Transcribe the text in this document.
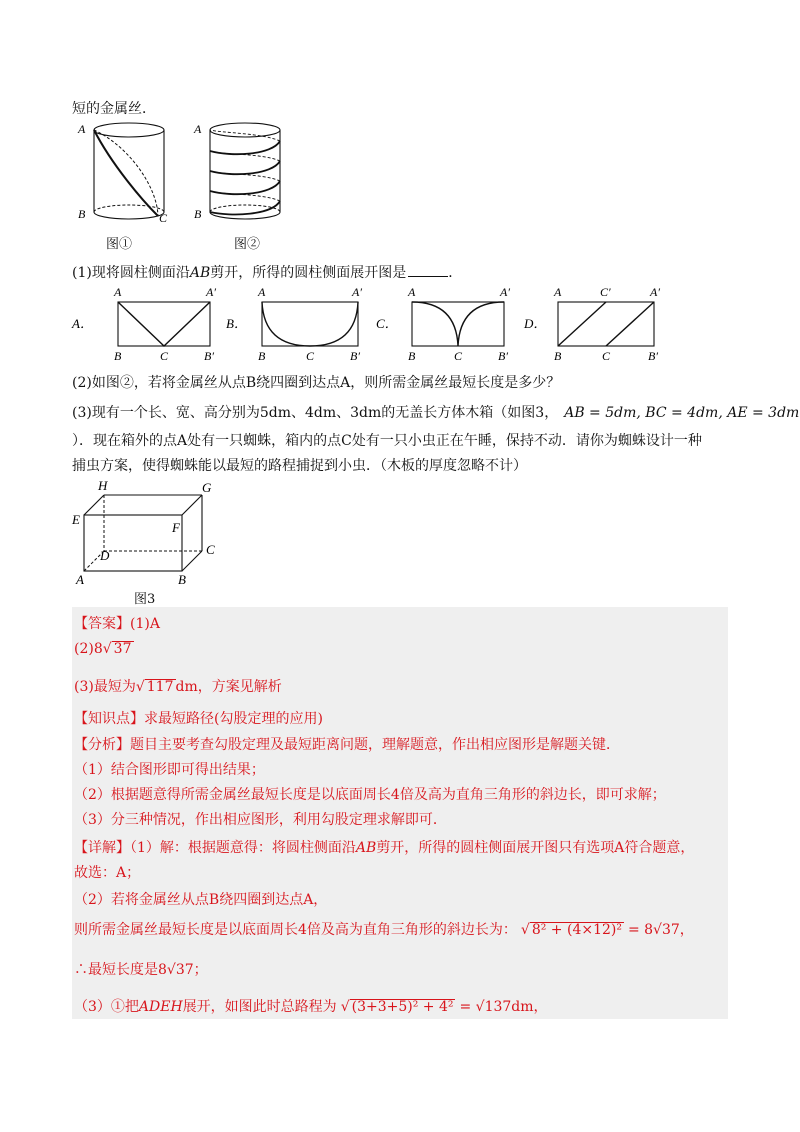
短的金属丝．
A
B	C
A
B
图①	图②
(1)现将圆柱侧面沿AB剪开，所得的圆柱侧面展开图是	．
A．
A	A′
B	C	B′
B．
A	A′
B	C	B′
C．
A	A′
B	C	B′
D．
A	C′	A′
B	C	B′
(2)如图②，若将金属丝从点B绕四圈到达点A，则所需金属丝最短长度是多少？
(3)现有一个长、宽、高分别为5dm、4dm、3dm的无盖长方体木箱（如图3， AB = 5dm, BC = 4dm, AE = 3dm
）．现在箱外的点A处有一只蜘蛛，箱内的点C处有一只小虫正在午睡，保持不动．请你为蜘蛛设计一种
捕虫方案，使得蜘蛛能以最短的路程捕捉到小虫．（木板的厚度忽略不计）
H	G
E
F
D	C
A	B
图3
【答案】(1)A
(2)8√ 37
(3)最短为√ 117 dm，方案见解析
【知识点】求最短路径(勾股定理的应用)
【分析】题目主要考查勾股定理及最短距离问题，理解题意，作出相应图形是解题关键．
（1）结合图形即可得出结果；
（2）根据题意得所需金属丝最短长度是以底面周长4倍及高为直角三角形的斜边长，即可求解；
（3）分三种情况，作出相应图形，利用勾股定理求解即可．
【详解】（1）解：根据题意得：将圆柱侧面沿AB剪开，所得的圆柱侧面展开图只有选项A符合题意，
故选：A；
（2）若将金属丝从点B绕四圈到达点A，
则所需金属丝最短长度是以底面周长4倍及高为直角三角形的斜边长为： √ 8² + (4×12)² = 8√37，
∴最短长度是8√37；
（3）①把ADEH展开，如图此时总路程为 √ (3+3+5)² + 4² = √137dm，
